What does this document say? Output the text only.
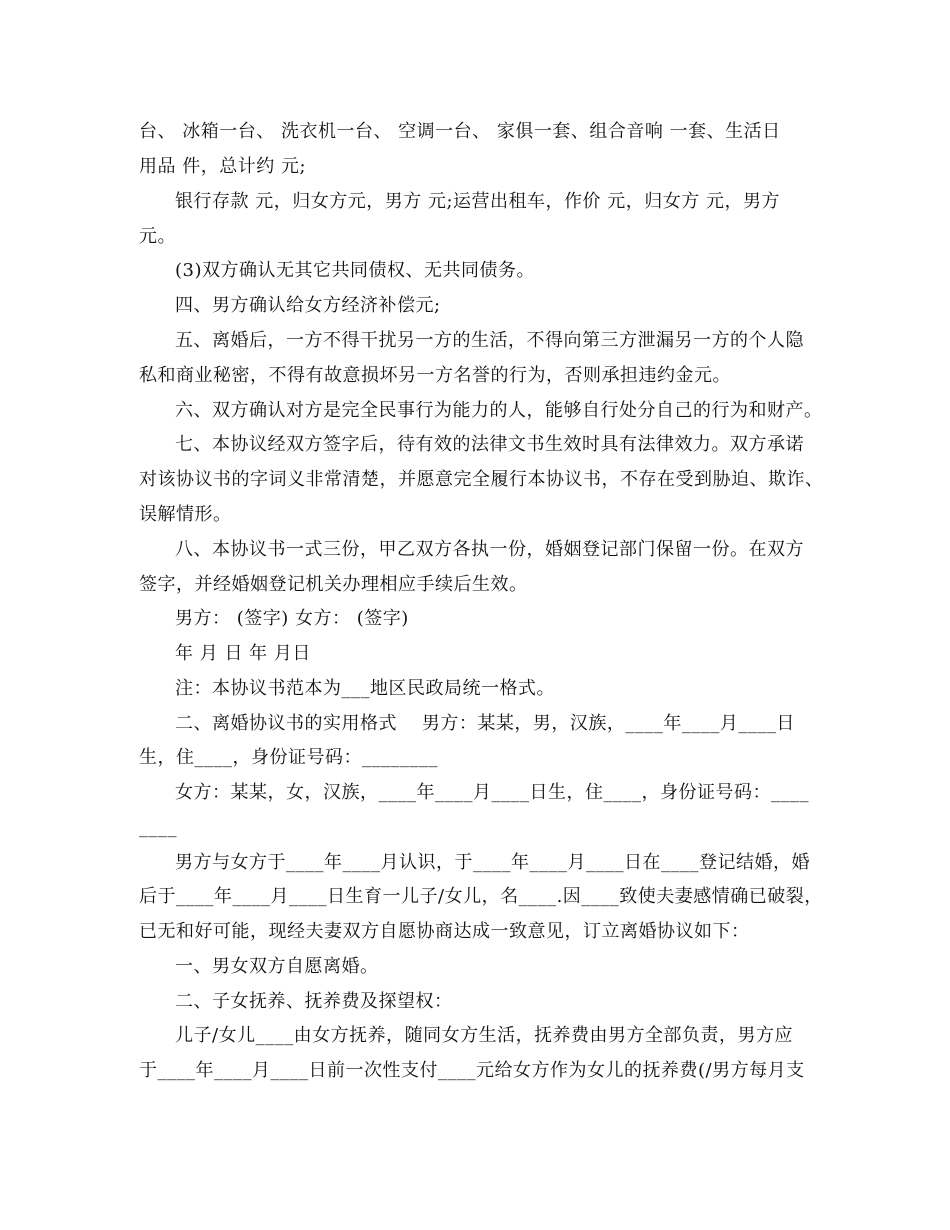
台、 冰箱一台、 洗衣机一台、 空调一台、 家俱一套、组合音响 一套、生活日
用品 件，总计约 元;
银行存款 元，归女方元，男方 元;运营出租车，作价 元，归女方 元，男方
元。
(3)双方确认无其它共同债权、无共同债务。
四、男方确认给女方经济补偿元;
五、离婚后，一方不得干扰另一方的生活，不得向第三方泄漏另一方的个人隐
私和商业秘密，不得有故意损坏另一方名誉的行为，否则承担违约金元。
六、双方确认对方是完全民事行为能力的人，能够自行处分自己的行为和财产。
七、本协议经双方签字后，待有效的法律文书生效时具有法律效力。双方承诺
对该协议书的字词义非常清楚，并愿意完全履行本协议书，不存在受到胁迫、欺诈、
误解情形。
八、本协议书一式三份，甲乙双方各执一份，婚姻登记部门保留一份。在双方
签字，并经婚姻登记机关办理相应手续后生效。
男方： (签字) 女方： (签字)
年 月 日 年 月日
注：本协议书范本为___地区民政局统一格式。
二、离婚协议书的实用格式    男方：某某，男，汉族，____年____月____日
生，住____，身份证号码：________
女方：某某，女，汉族，____年____月____日生，住____，身份证号码：____
____
男方与女方于____年____月认识，于____年____月____日在____登记结婚，婚
后于____年____月____日生育一儿子/女儿，名____.因____致使夫妻感情确已破裂，
已无和好可能，现经夫妻双方自愿协商达成一致意见，订立离婚协议如下：
一、男女双方自愿离婚。
二、子女抚养、抚养费及探望权：
儿子/女儿____由女方抚养，随同女方生活，抚养费由男方全部负责，男方应
于____年____月____日前一次性支付____元给女方作为女儿的抚养费(/男方每月支
